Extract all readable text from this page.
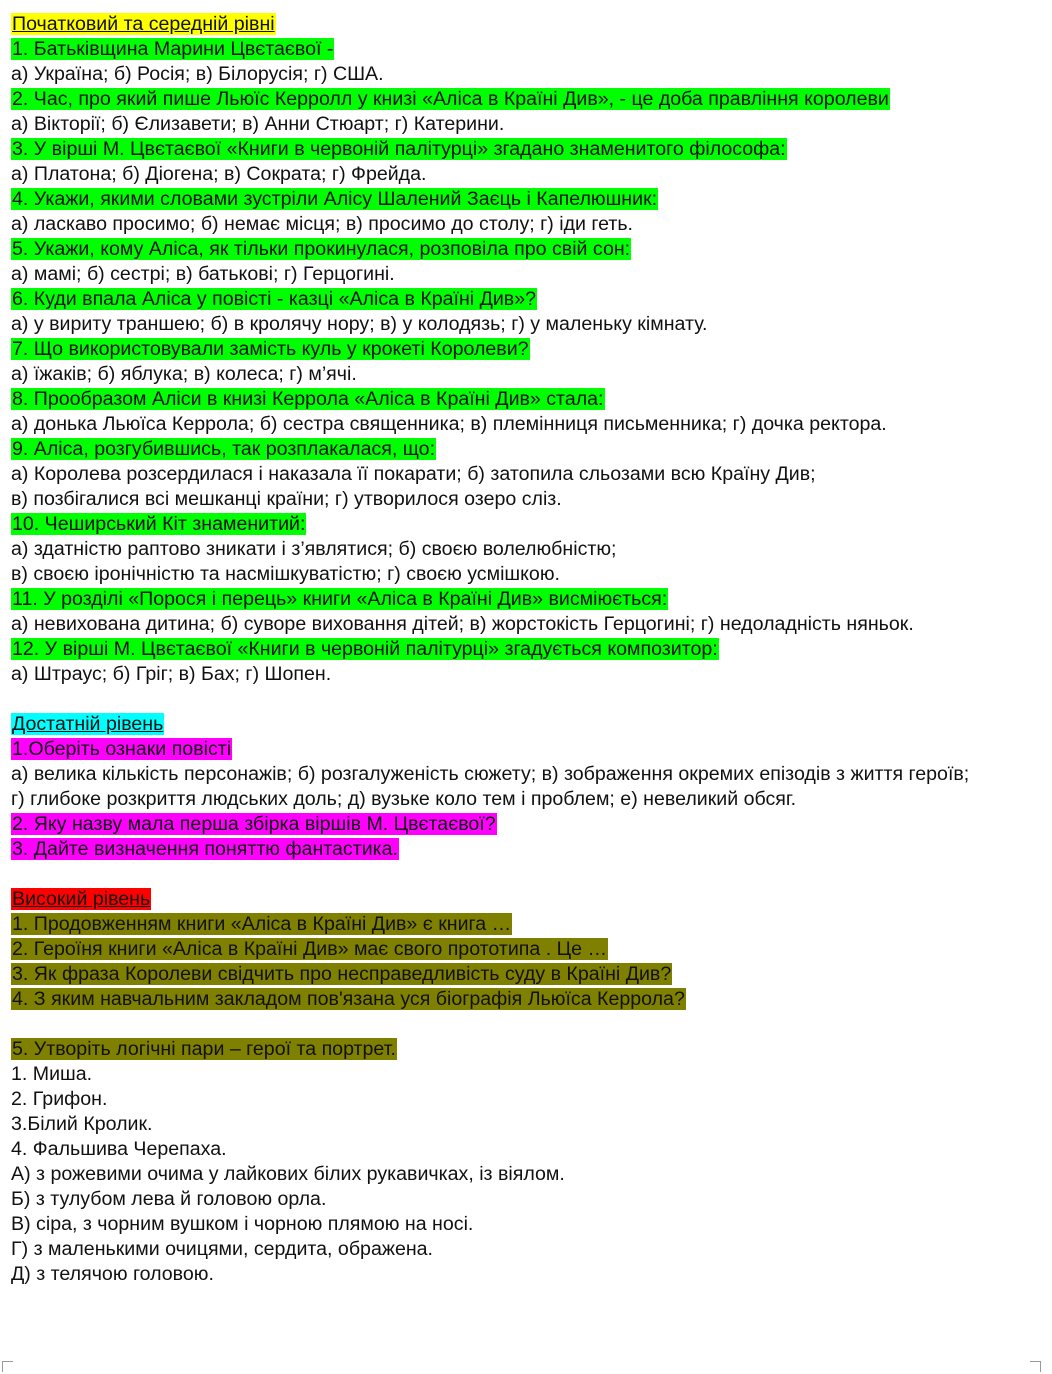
Початковий та середній рівні
1. Батьківщина Марини Цвєтаєвої -
а) Україна; б) Росія; в) Білорусія; г) США.
2. Час, про який пише Льюїс Керролл у книзі «Аліса в Країні Див», - це доба правління королеви
а) Вікторії; б) Єлизавети; в) Анни Стюарт; г) Катерини.
3. У вірші М. Цвєтаєвої «Книги в червоній палітурці» згадано знаменитого філософа:
а) Платона; б) Діогена; в) Сократа; г) Фрейда.
4. Укажи, якими словами зустріли Алісу Шалений Заєць і Капелюшник:
а) ласкаво просимо; б) немає місця; в) просимо до столу; г) іди геть.
5. Укажи, кому Аліса, як тільки прокинулася, розповіла про свій сон:
а) мамі; б) сестрі; в) батькові; г) Герцогині.
6. Куди впала Аліса у повісті - казці «Аліса в Країні Див»?
а) у вириту траншею; б) в кролячу нору; в) у колодязь; г) у маленьку кімнату.
7. Що використовували замість куль у крокеті Королеви?
а) їжаків; б) яблука; в) колеса; г) м’ячі.
8. Прообразом Аліси в книзі Керрола «Аліса в Країні Див» стала:
а) донька Льюїса Керрола; б) сестра священника; в) племінниця письменника; г) дочка ректора.
9. Аліса, розгубившись, так розплакалася, що:
а) Королева розсердилася і наказала її покарати; б) затопила сльозами всю Країну Див;
в) позбігалися всі мешканці країни; г) утворилося озеро сліз.
10. Чеширський Кіт знаменитий:
а) здатністю раптово зникати і з’являтися; б) своєю волелюбністю;
в) своєю іронічністю та насмішкуватістю; г) своєю усмішкою.
11. У розділі «Порося і перець» книги «Аліса в Країні Див» висміюється:
а) невихована дитина; б) суворе виховання дітей; в) жорстокість Герцогині; г) недоладність няньок.
12. У вірші М. Цвєтаєвої «Книги в червоній палітурці» згадується композитор:
а) Штраус; б) Гріг; в) Бах; г) Шопен.
Достатній рівень
1.Оберіть ознаки повісті
а) велика кількість персонажів; б) розгалуженість сюжету; в) зображення окремих епізодів з життя героїв;
г) глибоке розкриття людських доль; д) вузьке коло тем і проблем; е) невеликий обсяг.
2. Яку назву мала перша збірка віршів М. Цвєтаєвої?
3. Дайте визначення поняттю фантастика.
Високий рівень
1. Продовженням книги «Аліса в Країні Див» є книга …
2. Героїня книги «Аліса в Країні Див» має свого прототипа . Це …
3. Як фраза Королеви свідчить про несправедливість суду в Країні Див?
4. З яким навчальним закладом пов'язана уся біографія Льюїса Керрола?
5. Утворіть логічні пари – герої та портрет.
1. Миша.
2. Грифон.
3.Білий Кролик.
4. Фальшива Черепаха.
А) з рожевими очима у лайкових білих рукавичках, із віялом.
Б) з тулубом лева й головою орла.
В) сіра, з чорним вушком і чорною плямою на носі.
Г) з маленькими очицями, сердита, ображена.
Д) з телячою головою.
